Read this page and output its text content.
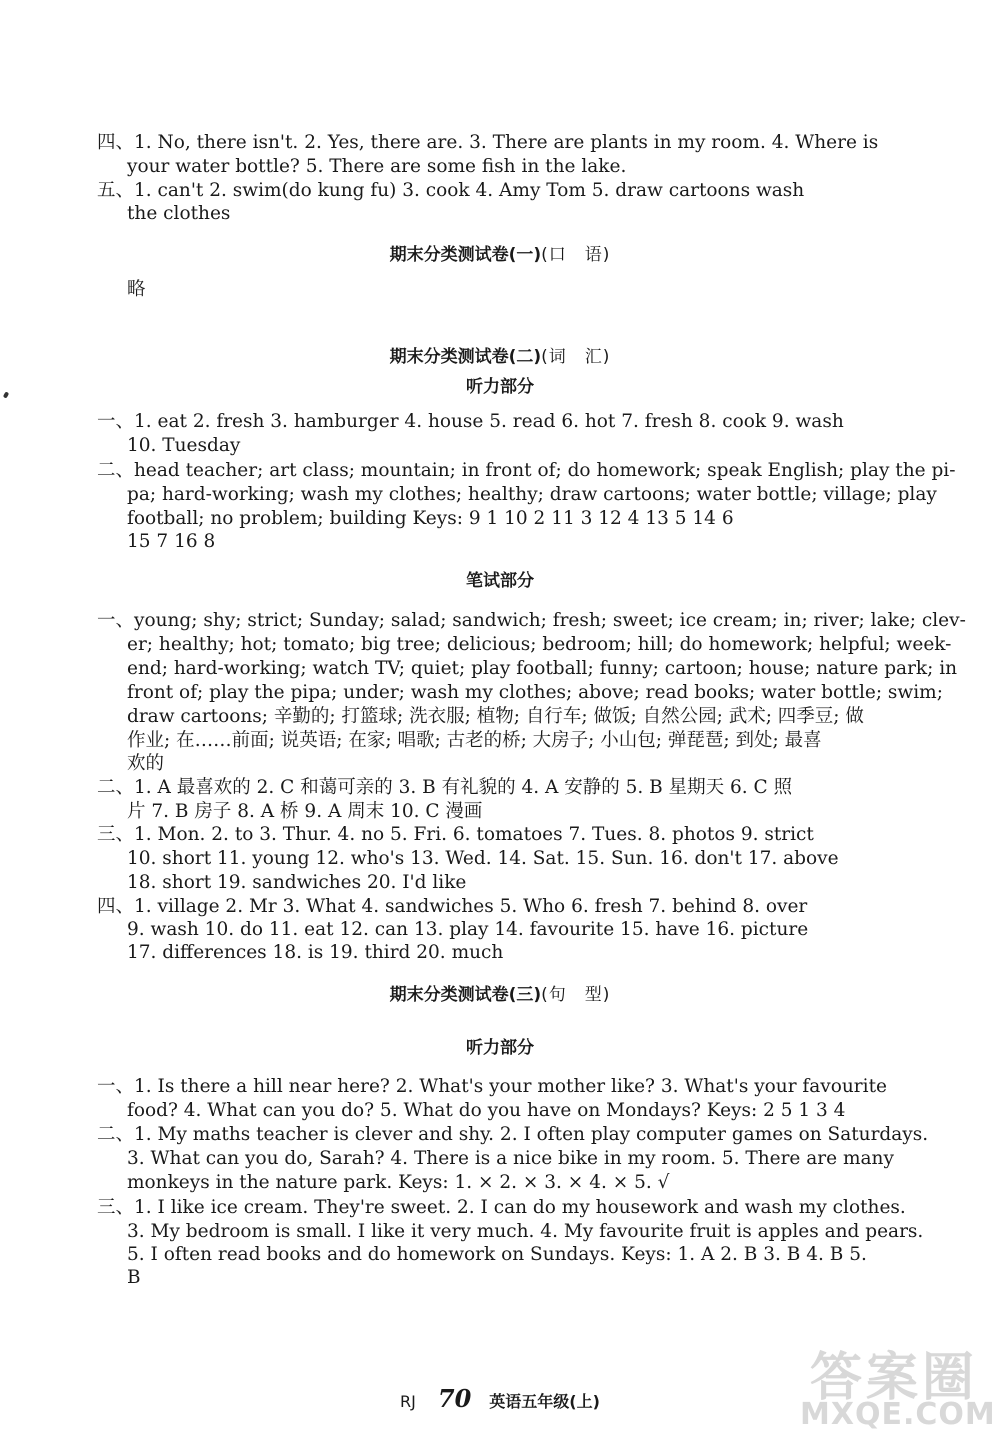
四、1. No, there isn't. 2. Yes, there are. 3. There are plants in my room. 4. Where is
your water bottle? 5. There are some fish in the lake.
五、1. can't 2. swim(do kung fu) 3. cook 4. Amy Tom 5. draw cartoons wash
the clothes
期末分类测试卷(一)(口　语)
略
期末分类测试卷(二)(词　汇)
听力部分
一、1. eat 2. fresh 3. hamburger 4. house 5. read 6. hot 7. fresh 8. cook 9. wash
10. Tuesday
二、head teacher; art class; mountain; in front of; do homework; speak English; play the pi-
pa; hard-working; wash my clothes; healthy; draw cartoons; water bottle; village; play
football; no problem; building Keys: 9 1 10 2 11 3 12 4 13 5 14 6
15 7 16 8
笔试部分
一、young; shy; strict; Sunday; salad; sandwich; fresh; sweet; ice cream; in; river; lake; clev-
er; healthy; hot; tomato; big tree; delicious; bedroom; hill; do homework; helpful; week-
end; hard-working; watch TV; quiet; play football; funny; cartoon; house; nature park; in
front of; play the pipa; under; wash my clothes; above; read books; water bottle; swim;
draw cartoons; 辛勤的; 打篮球; 洗衣服; 植物; 自行车; 做饭; 自然公园; 武术; 四季豆; 做
作业; 在……前面; 说英语; 在家; 唱歌; 古老的桥; 大房子; 小山包; 弹琵琶; 到处; 最喜
欢的
二、1. A 最喜欢的 2. C 和蔼可亲的 3. B 有礼貌的 4. A 安静的 5. B 星期天 6. C 照
片 7. B 房子 8. A 桥 9. A 周末 10. C 漫画
三、1. Mon. 2. to 3. Thur. 4. no 5. Fri. 6. tomatoes 7. Tues. 8. photos 9. strict
10. short 11. young 12. who's 13. Wed. 14. Sat. 15. Sun. 16. don't 17. above
18. short 19. sandwiches 20. I'd like
四、1. village 2. Mr 3. What 4. sandwiches 5. Who 6. fresh 7. behind 8. over
9. wash 10. do 11. eat 12. can 13. play 14. favourite 15. have 16. picture
17. differences 18. is 19. third 20. much
期末分类测试卷(三)(句　型)
听力部分
一、1. Is there a hill near here? 2. What's your mother like? 3. What's your favourite
food? 4. What can you do? 5. What do you have on Mondays? Keys: 2 5 1 3 4
二、1. My maths teacher is clever and shy. 2. I often play computer games on Saturdays.
3. What can you do, Sarah? 4. There is a nice bike in my room. 5. There are many
monkeys in the nature park. Keys: 1. × 2. × 3. × 4. × 5. √
三、1. I like ice cream. They're sweet. 2. I can do my housework and wash my clothes.
3. My bedroom is small. I like it very much. 4. My favourite fruit is apples and pears.
5. I often read books and do homework on Sundays. Keys: 1. A 2. B 3. B 4. B 5.
B
RJ 70 英语五年级(上)	答案圈
MXQE.COM
